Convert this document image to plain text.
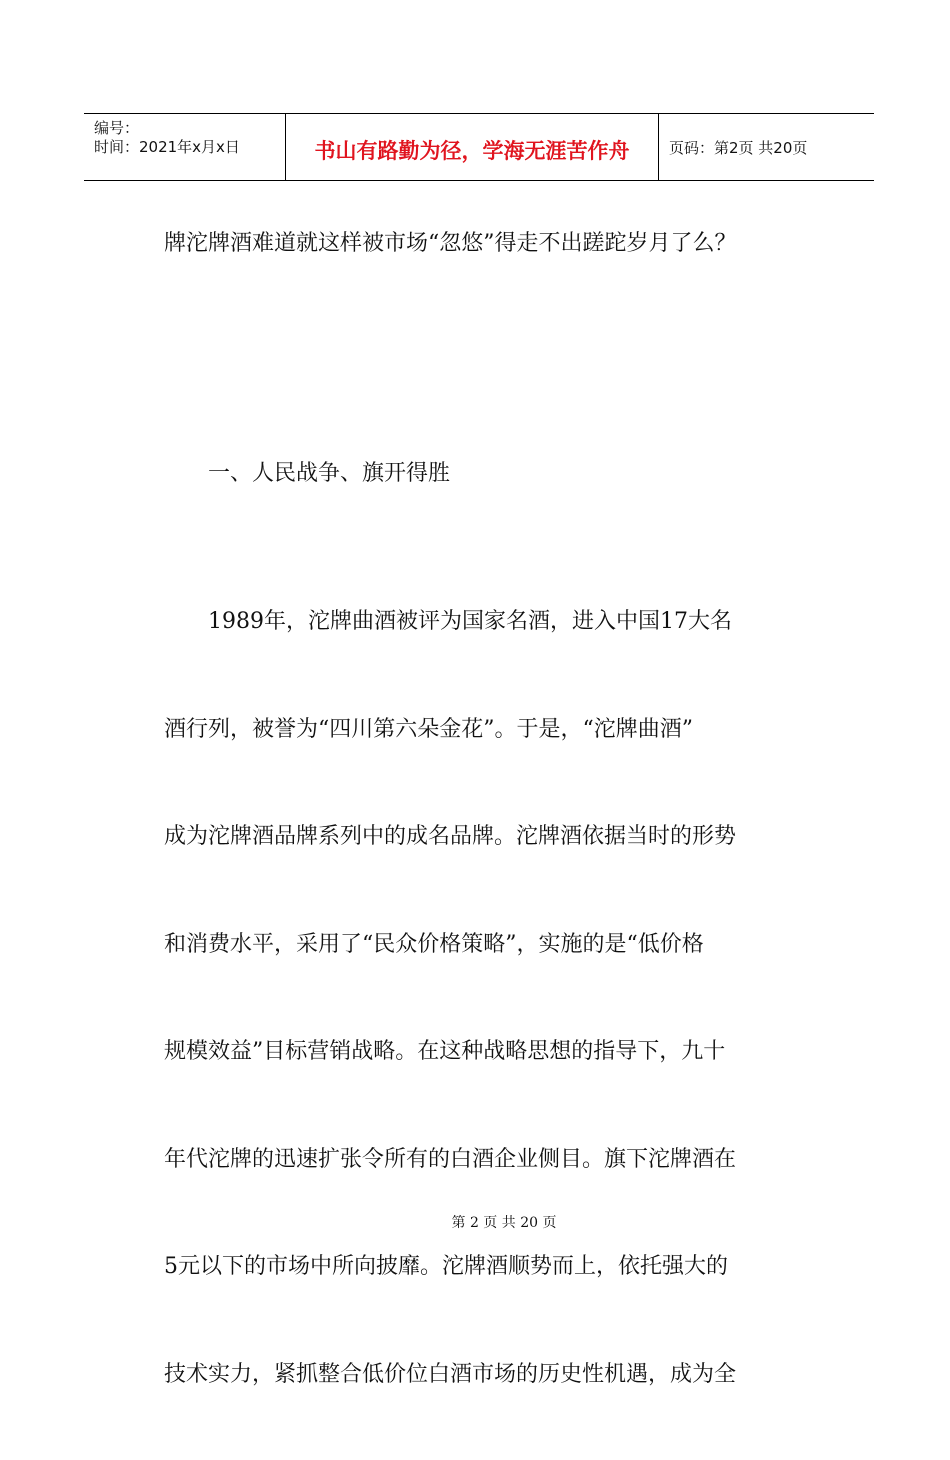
编号：
时间：2021年x月x日	书山有路勤为径，学海无涯苦作舟	页码：第2页 共20页
牌沱牌酒难道就这样被市场“忽悠”得走不出蹉跎岁月了么？
一、人民战争、旗开得胜
1989年，沱牌曲酒被评为国家名酒，进入中国17大名
酒行列，被誉为“四川第六朵金花”。于是，“沱牌曲酒”
成为沱牌酒品牌系列中的成名品牌。沱牌酒依据当时的形势
和消费水平，采用了“民众价格策略”，实施的是“低价格
规模效益”目标营销战略。在这种战略思想的指导下，九十
年代沱牌的迅速扩张令所有的白酒企业侧目。旗下沱牌酒在
5元以下的市场中所向披靡。沱牌酒顺势而上，依托强大的
技术实力，紧抓整合低价位白酒市场的历史性机遇，成为全
第 2 页 共 20 页
